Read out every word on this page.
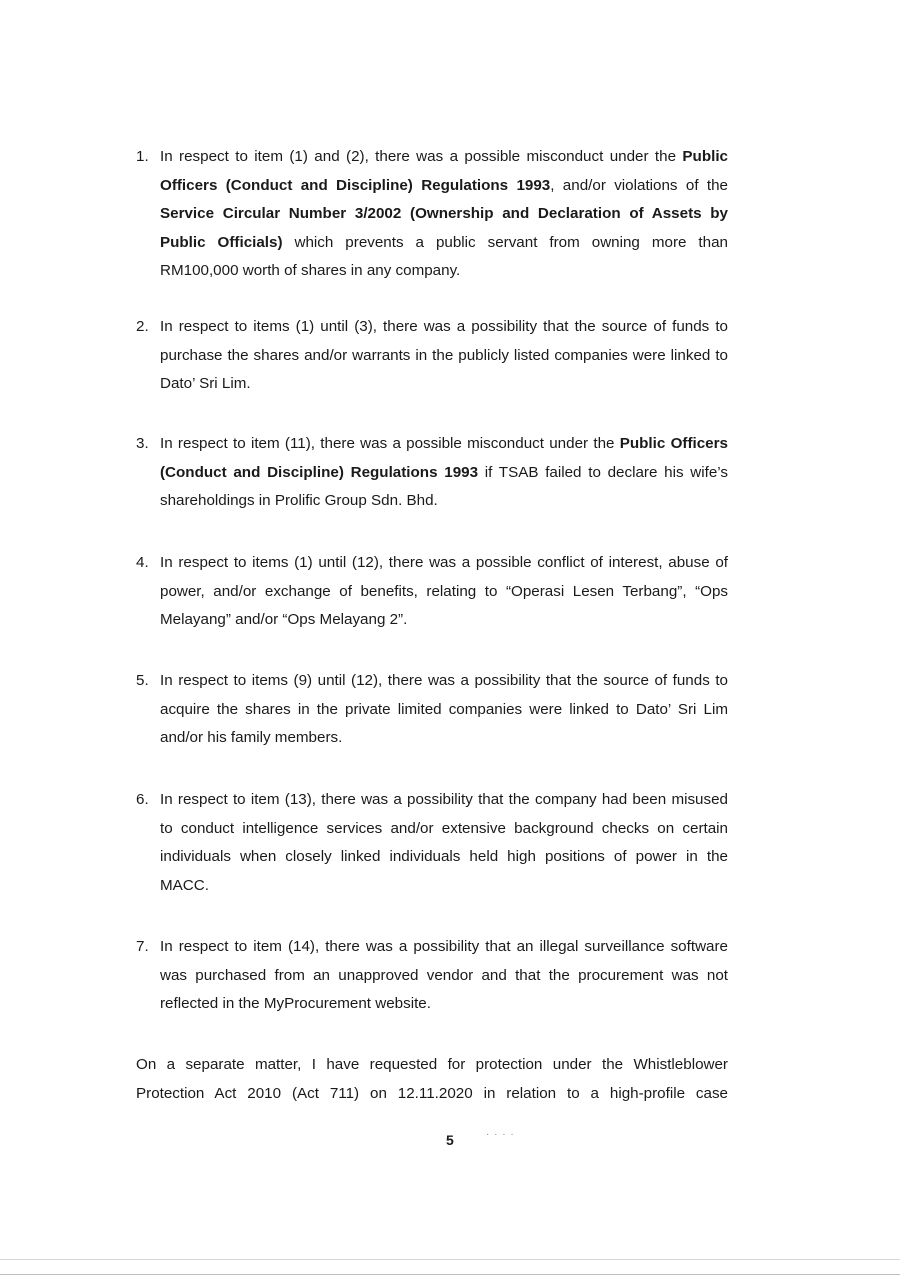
1. In respect to item (1) and (2), there was a possible misconduct under the Public Officers (Conduct and Discipline) Regulations 1993, and/or violations of the Service Circular Number 3/2002 (Ownership and Declaration of Assets by Public Officials) which prevents a public servant from owning more than RM100,000 worth of shares in any company.
2. In respect to items (1) until (3), there was a possibility that the source of funds to purchase the shares and/or warrants in the publicly listed companies were linked to Dato’ Sri Lim.
3. In respect to item (11), there was a possible misconduct under the Public Officers (Conduct and Discipline) Regulations 1993 if TSAB failed to declare his wife’s shareholdings in Prolific Group Sdn. Bhd.
4. In respect to items (1) until (12), there was a possible conflict of interest, abuse of power, and/or exchange of benefits, relating to “Operasi Lesen Terbang”, “Ops Melayang” and/or “Ops Melayang 2”.
5. In respect to items (9) until (12), there was a possibility that the source of funds to acquire the shares in the private limited companies were linked to Dato’ Sri Lim and/or his family members.
6. In respect to item (13), there was a possibility that the company had been misused to conduct intelligence services and/or extensive background checks on certain individuals when closely linked individuals held high positions of power in the MACC.
7. In respect to item (14), there was a possibility that an illegal surveillance software was purchased from an unapproved vendor and that the procurement was not reflected in the MyProcurement website.
On a separate matter, I have requested for protection under the Whistleblower Protection Act 2010 (Act 711) on 12.11.2020 in relation to a high-profile case
5	· · · ·
